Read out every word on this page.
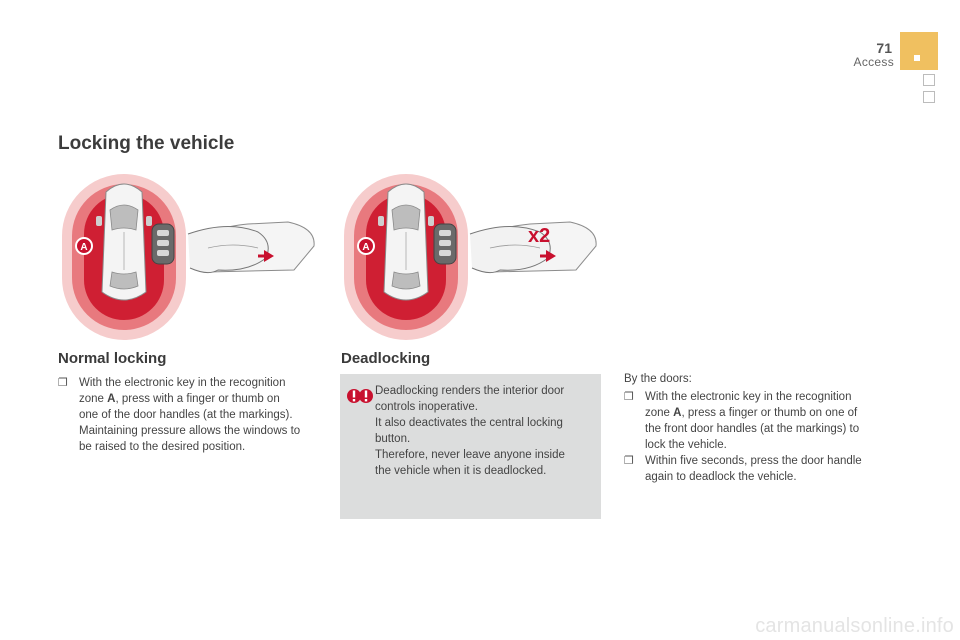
71
Access
Locking the vehicle
A	A
x2
Normal locking
❐ With the electronic key in the recognition
zone A, press with a finger or thumb on
one of the door handles (at the markings).
Maintaining pressure allows the windows to
be raised to the desired position.
Deadlocking
Deadlocking renders the interior door
controls inoperative.
It also deactivates the central locking
button.
Therefore, never leave anyone inside
the vehicle when it is deadlocked.
By the doors:
❐ With the electronic key in the recognition
zone A, press a finger or thumb on one of
the front door handles (at the markings) to
lock the vehicle.
❐ Within five seconds, press the door handle
again to deadlock the vehicle.
carmanualsonline.info
